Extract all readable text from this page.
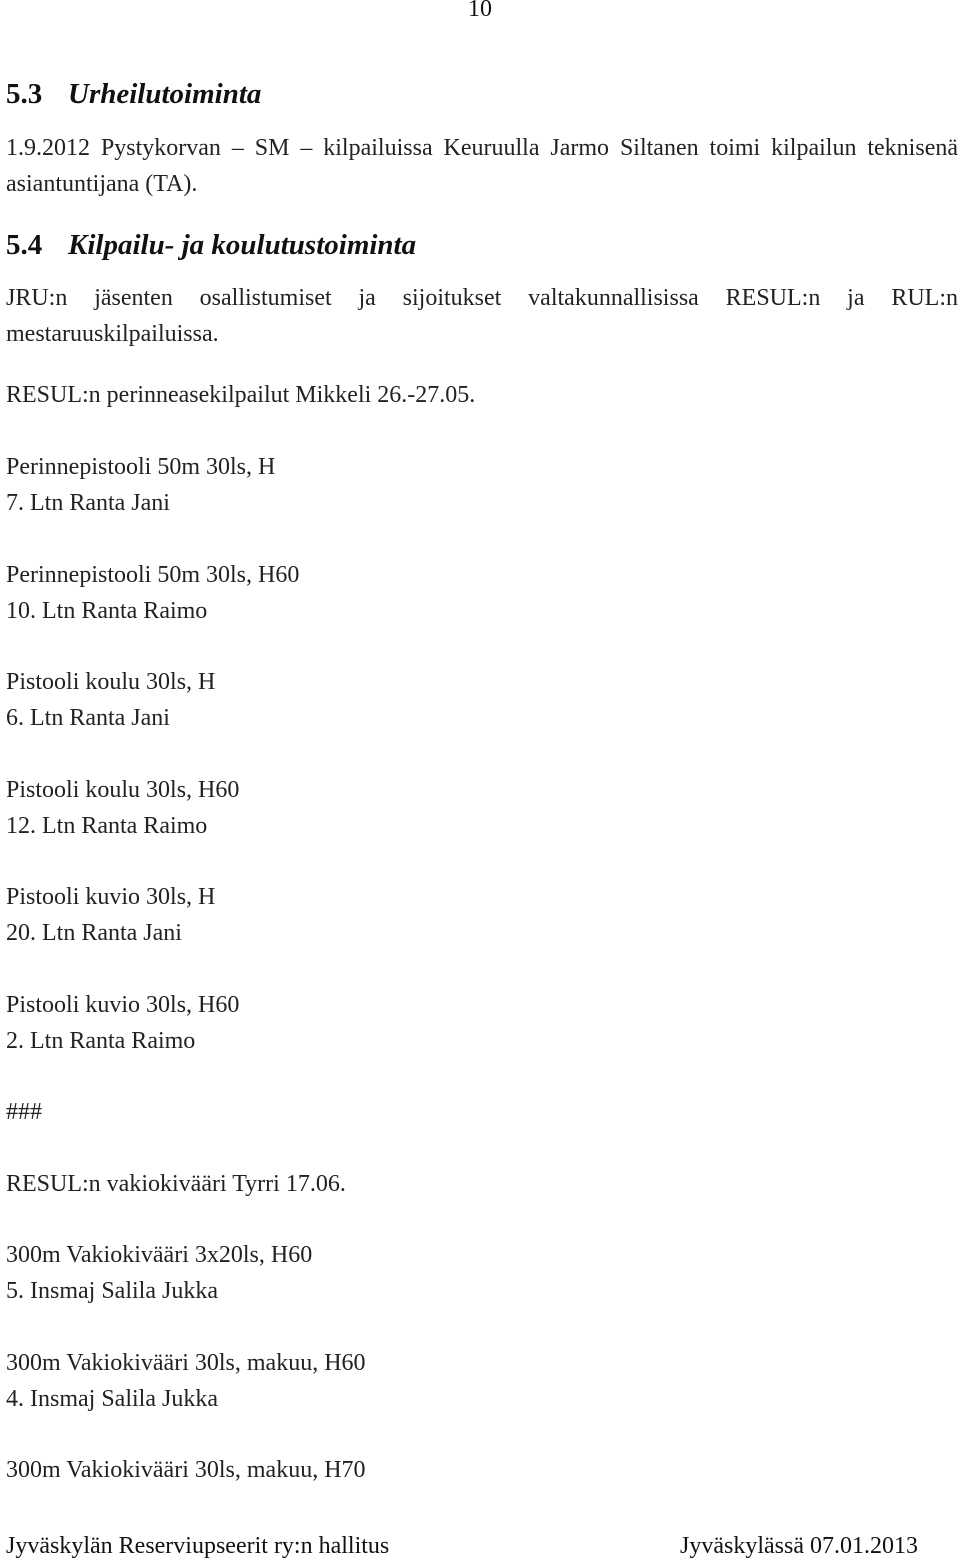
10
5.3 Urheilutoiminta
1.9.2012 Pystykorvan – SM – kilpailuissa Keuruulla Jarmo Siltanen toimi kilpailun teknisenä asiantuntijana (TA).
5.4 Kilpailu- ja koulutustoiminta
JRU:n jäsenten osallistumiset ja sijoitukset valtakunnallisissa RESUL:n ja RUL:n mestaruuskilpailuissa.
RESUL:n perinneasekilpailut Mikkeli 26.-27.05.
Perinnepistooli 50m 30ls, H
7. Ltn Ranta Jani
Perinnepistooli 50m 30ls, H60
10. Ltn Ranta Raimo
Pistooli koulu 30ls, H
6. Ltn Ranta Jani
Pistooli koulu 30ls, H60
12. Ltn Ranta Raimo
Pistooli kuvio 30ls, H
20. Ltn Ranta Jani
Pistooli kuvio 30ls, H60
2. Ltn Ranta Raimo
###
RESUL:n vakiokivääri Tyrri 17.06.
300m Vakiokivääri 3x20ls, H60
5. Insmaj Salila Jukka
300m Vakiokivääri 30ls, makuu, H60
4. Insmaj Salila Jukka
300m Vakiokivääri 30ls, makuu, H70
Jyväskylän Reserviupseerit ry:n hallitus	Jyväskylässä 07.01.2013
